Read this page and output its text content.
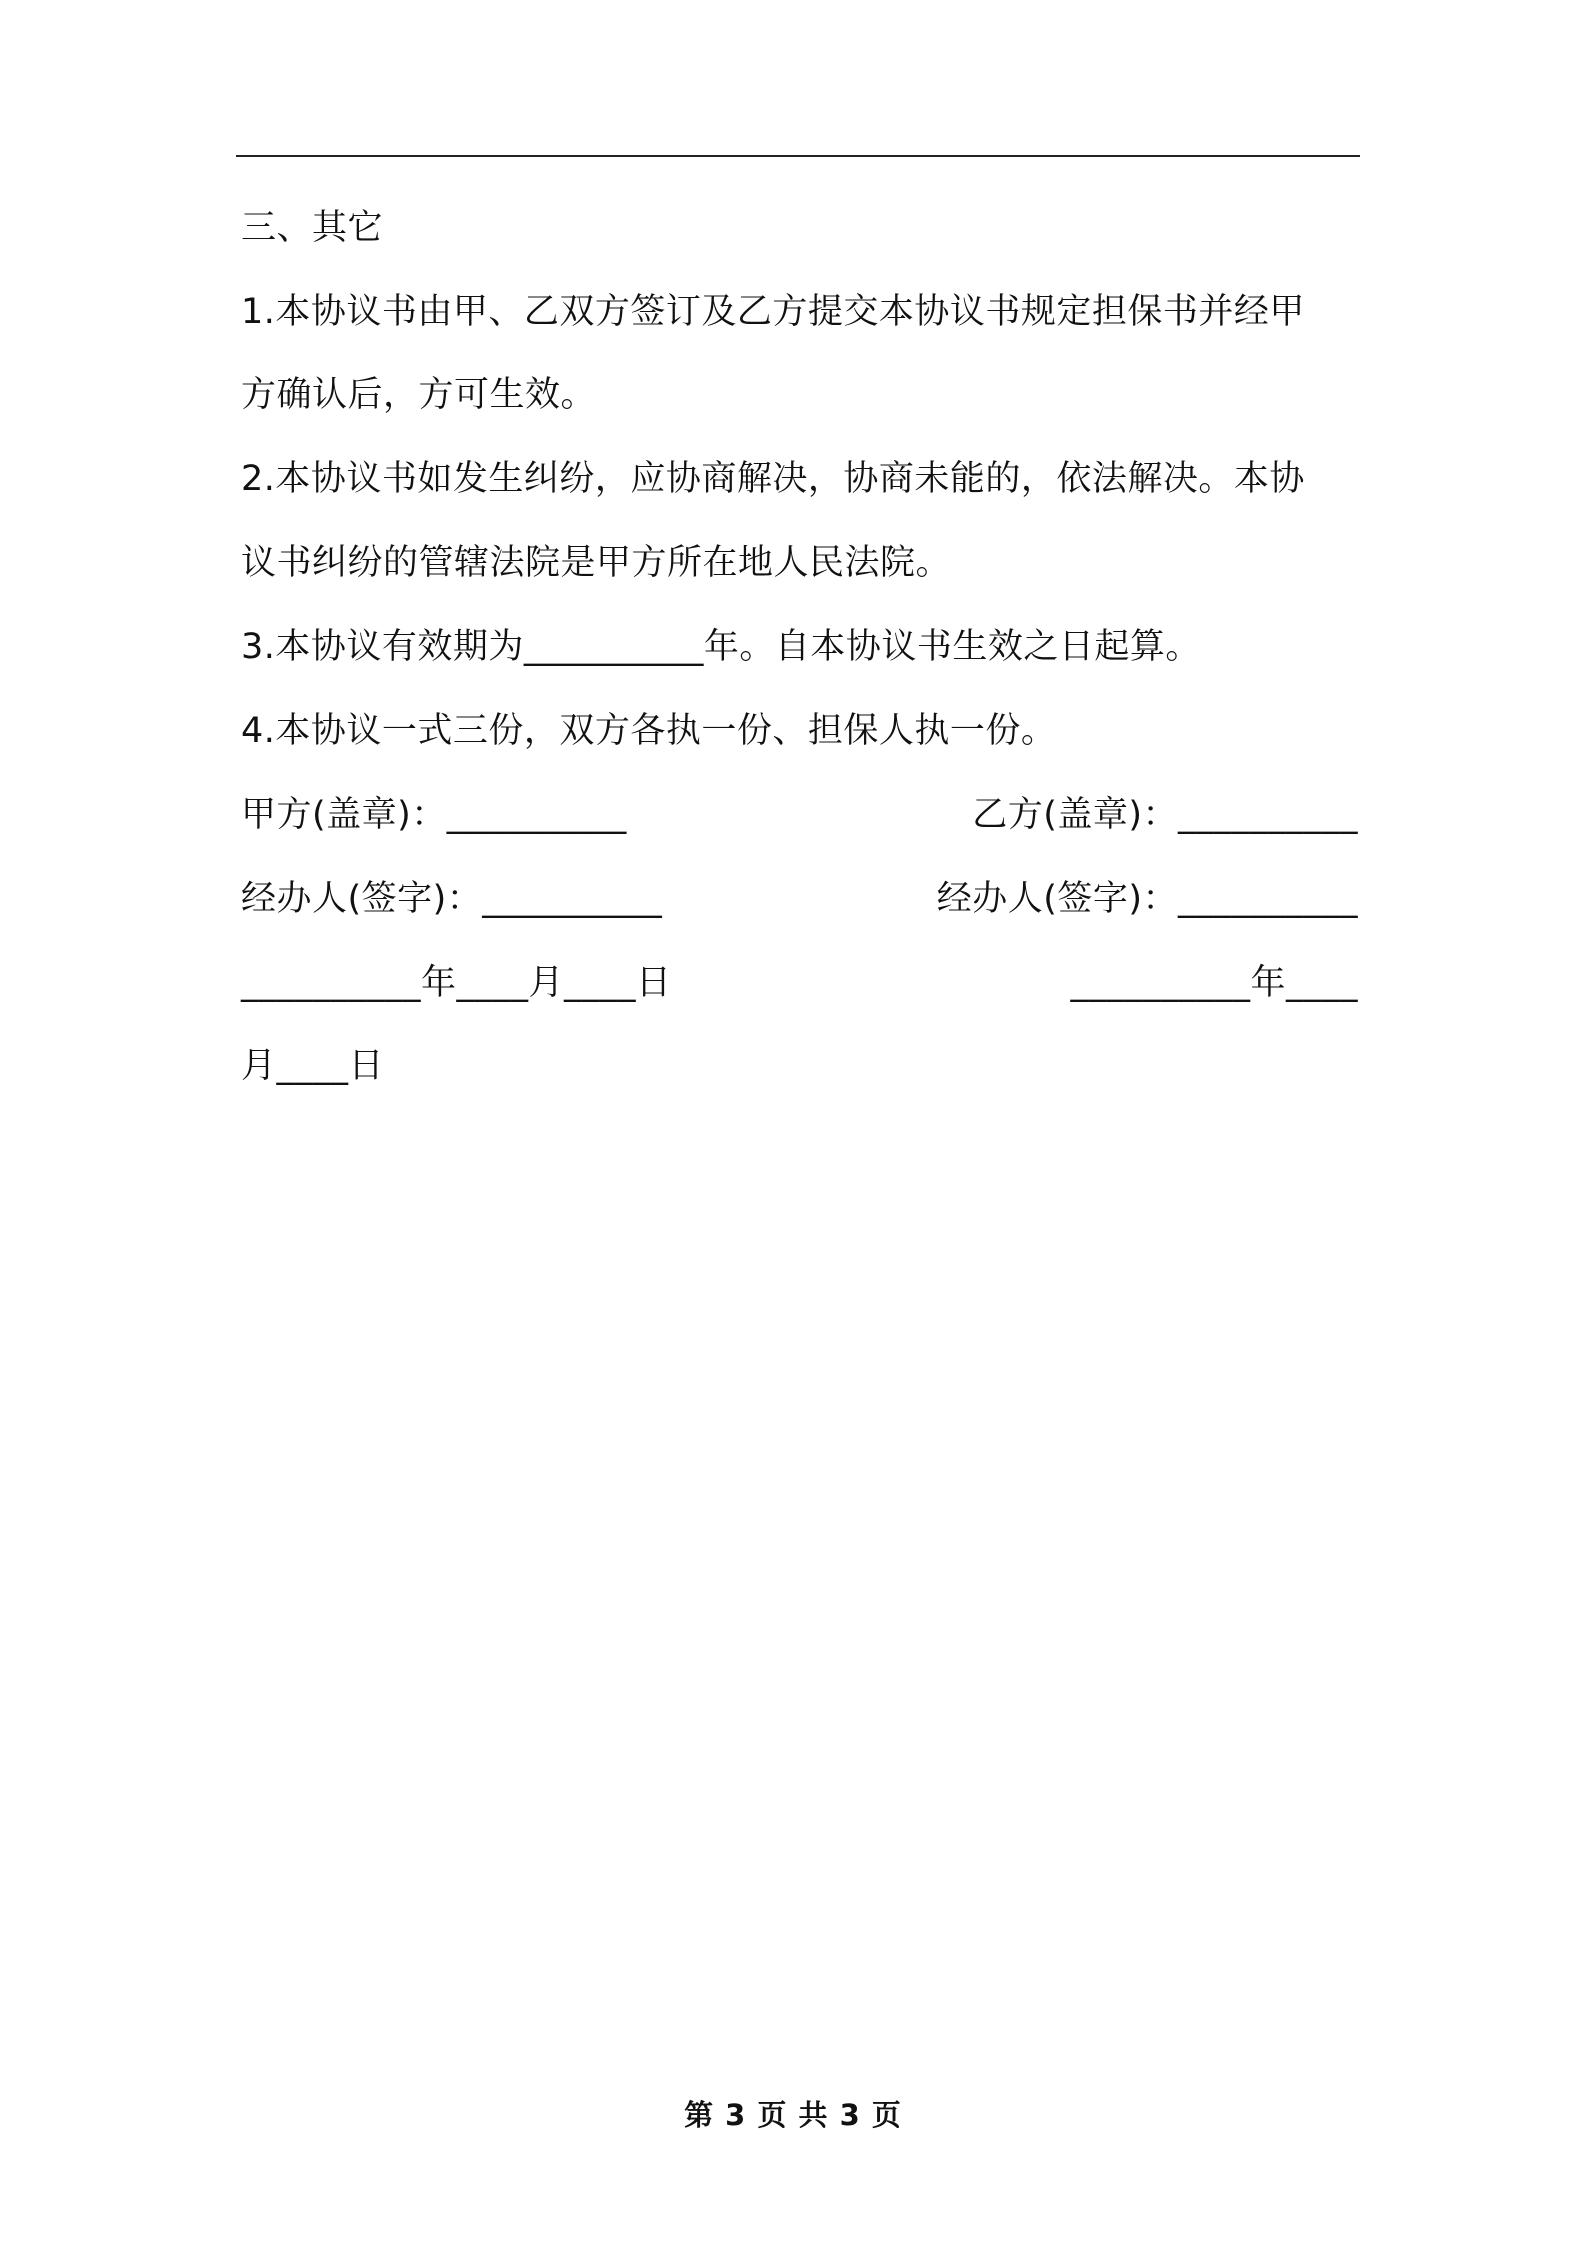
三、其它
1.本协议书由甲、乙双方签订及乙方提交本协议书规定担保书并经甲
方确认后，方可生效。
2.本协议书如发生纠纷，应协商解决，协商未能的，依法解决。本协
议书纠纷的管辖法院是甲方所在地人民法院。
3.本协议有效期为__________年。自本协议书生效之日起算。
4.本协议一式三份，双方各执一份、担保人执一份。
甲方(盖章)：__________	乙方(盖章)：__________
经办人(签字)：__________	经办人(签字)：__________
__________年____月____日	__________年____
月____日
第 3 页 共 3 页
